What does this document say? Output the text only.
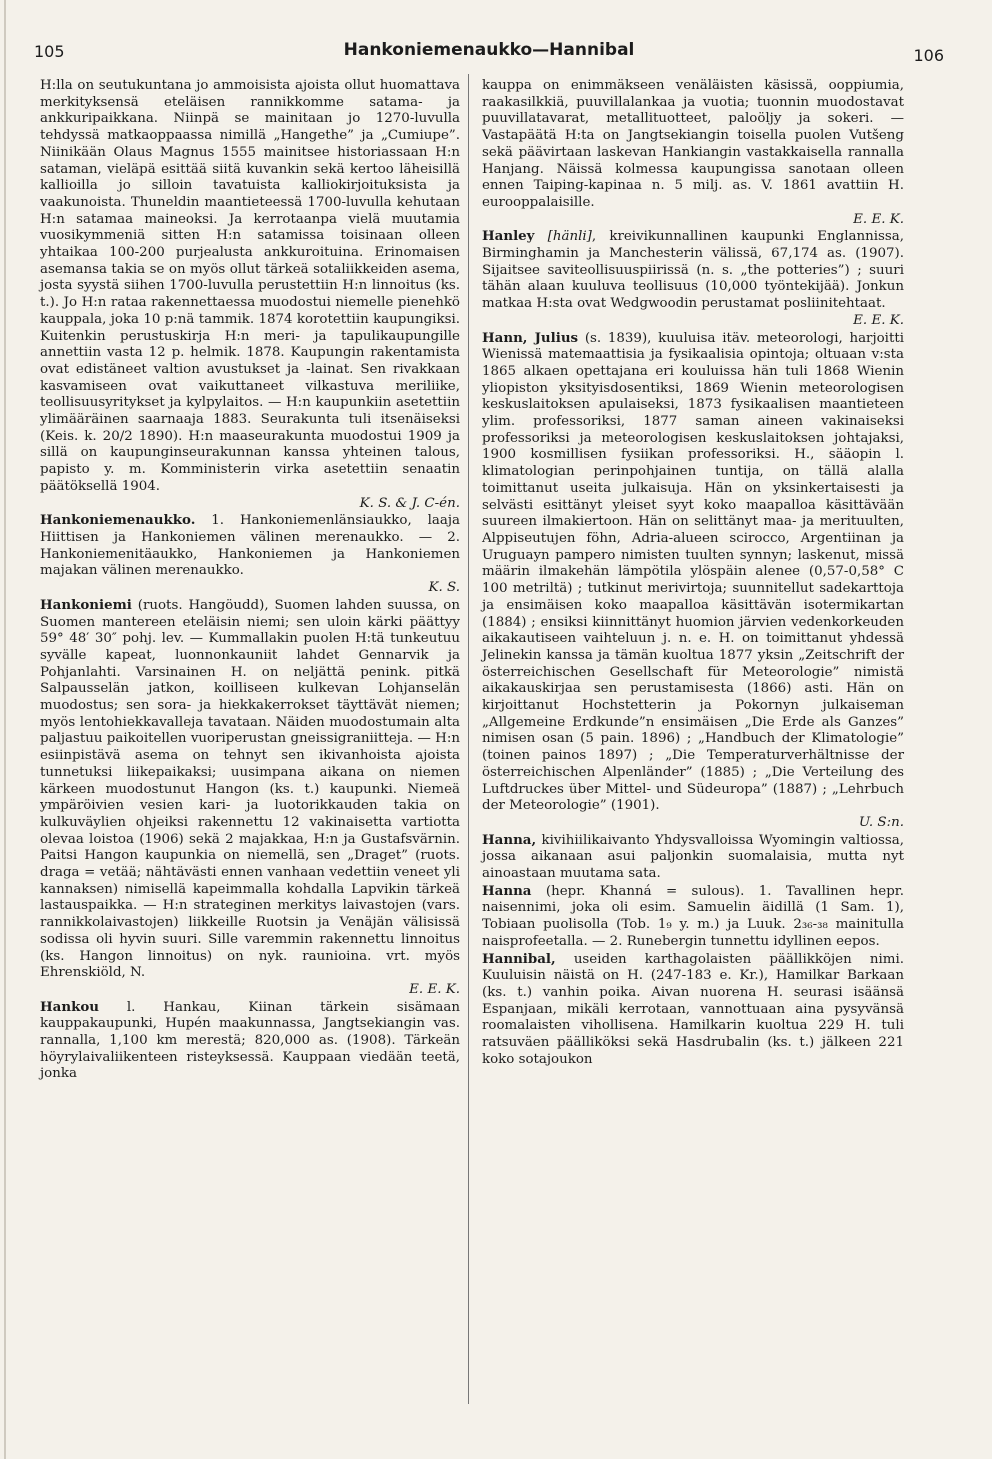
105	Hankoniemenaukko—Hannibal	106

H:lla on seutukuntana jo ammoisista ajoista ollut huomattava merkityksensä eteläisen rannikkomme satama- ja ankkuripaikkana. Niinpä se mainitaan jo 1270-luvulla tehdyssä matkaoppaassa nimillä „Hangethe” ja „Cumiupe”. Niinikään Olaus Magnus 1555 mainitsee historiassaan H:n sataman, vieläpä esittää siitä kuvankin sekä kertoo läheisillä kallioilla jo silloin tavatuista kalliokirjoituksista ja vaakunoista. Thuneldin maantieteessä 1700-luvulla kehutaan H:n satamaa maineoksi. Ja kerrotaanpa vielä muutamia vuosikymmeniä sitten H:n satamissa toisinaan olleen yhtaikaa 100-200 purjealusta ankkuroituina. Erinomaisen asemansa takia se on myös ollut tärkeä sotaliikkeiden asema, josta syystä siihen 1700-luvulla perustettiin H:n linnoitus (ks. t.). Jo H:n rataa rakennettaessa muodostui niemelle pienehkö kauppala, joka 10 p:nä tammik. 1874 korotettiin kaupungiksi. Kuitenkin perustuskirja H:n meri- ja tapulikaupungille annettiin vasta 12 p. helmik. 1878. Kaupungin rakentamista ovat edistäneet valtion avustukset ja -lainat. Sen rivakkaan kasvamiseen ovat vaikuttaneet vilkastuva meriliike, teollisuusyritykset ja kylpylaitos. — H:n kaupunkiin asetettiin ylimääräinen saarnaaja 1883. Seurakunta tuli itsenäiseksi (Keis. k. 20/2 1890). H:n maaseurakunta muodostui 1909 ja sillä on kaupunginseurakunnan kanssa yhteinen talous, papisto y. m. Komministerin virka asetettiin senaatin päätöksellä 1904.

K. S. & J. C-én.

Hankoniemenaukko. 1. Hankoniemenlänsiaukko, laaja Hiittisen ja Hankoniemen välinen merenaukko. — 2. Hankoniemenitäaukko, Hankoniemen ja Hankoniemen majakan välinen merenaukko.

K. S.

Hankoniemi (ruots. Hangöudd), Suomen lahden suussa, on Suomen mantereen eteläisin niemi; sen uloin kärki päättyy 59° 48′ 30″ pohj. lev. — Kummallakin puolen H:tä tunkeutuu syvälle kapeat, luonnonkauniit lahdet Gennarvik ja Pohjanlahti. Varsinainen H. on neljättä penink. pitkä Salpausselän jatkon, koilliseen kulkevan Lohjanselän muodostus; sen sora- ja hiekkakerrokset täyttävät niemen; myös lentohiekkavalleja tavataan. Näiden muodostumain alta paljastuu paikoitellen vuoriperustan gneissigraniitteja. — H:n esiinpistävä asema on tehnyt sen ikivanhoista ajoista tunnetuksi liikepaikaksi; uusimpana aikana on niemen kärkeen muodostunut Hangon (ks. t.) kaupunki. Niemeä ympäröivien vesien kari- ja luotorikkauden takia on kulkuväylien ohjeiksi rakennettu 12 vakinaisetta vartiotta olevaa loistoa (1906) sekä 2 majakkaa, H:n ja Gustafsvärnin. Paitsi Hangon kaupunkia on niemellä, sen „Draget” (ruots. draga = vetää; nähtävästi ennen vanhaan vedettiin veneet yli kannaksen) nimisellä kapeimmalla kohdalla Lapvikin tärkeä lastauspaikka. — H:n strateginen merkitys laivastojen (vars. rannikkolaivastojen) liikkeille Ruotsin ja Venäjän välisissä sodissa oli hyvin suuri. Sille varemmin rakennettu linnoitus (ks. Hangon linnoitus) on nyk. raunioina. vrt. myös Ehrenskiöld, N.

E. E. K.

Hankou l. Hankau, Kiinan tärkein sisämaan kauppakaupunki, Hupén maakunnassa, Jangtsekiangin vas. rannalla, 1,100 km merestä; 820,000 as. (1908). Tärkeän höyrylaivaliikenteen risteyksessä. Kauppaan viedään teetä, jonka

kauppa on enimmäkseen venäläisten käsissä, ooppiumia, raakasilkkiä, puuvillalankaa ja vuotia; tuonnin muodostavat puuvillatavarat, metallituotteet, paloöljy ja sokeri. — Vastapäätä H:ta on Jangtsekiangin toisella puolen Vutšeng sekä päävirtaan laskevan Hankiangin vastakkaisella rannalla Hanjang. Näissä kolmessa kaupungissa sanotaan olleen ennen Taiping-kapinaa n. 5 milj. as. V. 1861 avattiin H. eurooppalaisille.

E. E. K.

Hanley [hänli], kreivikunnallinen kaupunki Englannissa, Birminghamin ja Manchesterin välissä, 67,174 as. (1907). Sijaitsee saviteollisuuspiirissä (n. s. „the potteries”) ; suuri tähän alaan kuuluva teollisuus (10,000 työntekijää). Jonkun matkaa H:sta ovat Wedgwoodin perustamat posliinitehtaat.

E. E. K.

Hann, Julius (s. 1839), kuuluisa itäv. meteorologi, harjoitti Wienissä matemaattisia ja fysikaalisia opintoja; oltuaan v:sta 1865 alkaen opettajana eri kouluissa hän tuli 1868 Wienin yliopiston yksityisdosentiksi, 1869 Wienin meteorologisen keskuslaitoksen apulaiseksi, 1873 fysikaalisen maantieteen ylim. professoriksi, 1877 saman aineen vakinaiseksi professoriksi ja meteorologisen keskuslaitoksen johtajaksi, 1900 kosmillisen fysiikan professoriksi. H., sääopin l. klimatologian perinpohjainen tuntija, on tällä alalla toimittanut useita julkaisuja. Hän on yksinkertaisesti ja selvästi esittänyt yleiset syyt koko maapalloa käsittävään suureen ilmakiertoon. Hän on selittänyt maa- ja merituulten, Alppiseutujen föhn, Adria-alueen scirocco, Argentiinan ja Uruguayn pampero nimisten tuulten synnyn; laskenut, missä määrin ilmakehän lämpötila ylöspäin alenee (0,57-0,58° C 100 metriltä) ; tutkinut merivirtoja; suunnitellut sadekarttoja ja ensimäisen koko maapalloa käsittävän isotermikartan (1884) ; ensiksi kiinnittänyt huomion järvien vedenkorkeuden aikakautiseen vaihteluun j. n. e. H. on toimittanut yhdessä Jelinekin kanssa ja tämän kuoltua 1877 yksin „Zeitschrift der österreichischen Gesellschaft für Meteorologie” nimistä aikakauskirjaa sen perustamisesta (1866) asti. Hän on kirjoittanut Hochstetterin ja Pokornyn julkaiseman „Allgemeine Erdkunde”n ensimäisen „Die Erde als Ganzes” nimisen osan (5 pain. 1896) ; „Handbuch der Klimatologie” (toinen painos 1897) ; „Die Temperaturverhältnisse der österreichischen Alpenländer” (1885) ; „Die Verteilung des Luftdruckes über Mittel- und Südeuropa” (1887) ; „Lehrbuch der Meteorologie” (1901).

U. S:n.

Hanna, kivihiilikaivanto Yhdysvalloissa Wyomingin valtiossa, jossa aikanaan asui paljonkin suomalaisia, mutta nyt ainoastaan muutama sata.

Hanna (hepr. Khanná = sulous). 1. Tavallinen hepr. naisennimi, joka oli esim. Samuelin äidillä (1 Sam. 1), Tobiaan puolisolla (Tob. 1₉ y. m.) ja Luuk. 2₃₆-₃₈ mainitulla naisprofeetalla. — 2. Runebergin tunnettu idyllinen eepos.

Hannibal, useiden karthagolaisten päällikköjen nimi. Kuuluisin näistä on H. (247-183 e. Kr.), Hamilkar Barkaan (ks. t.) vanhin poika. Aivan nuorena H. seurasi isäänsä Espanjaan, mikäli kerrotaan, vannottuaan aina pysyvänsä roomalaisten vihollisena. Hamilkarin kuoltua 229 H. tuli ratsuväen päälliköksi sekä Hasdrubalin (ks. t.) jälkeen 221 koko sotajoukon
